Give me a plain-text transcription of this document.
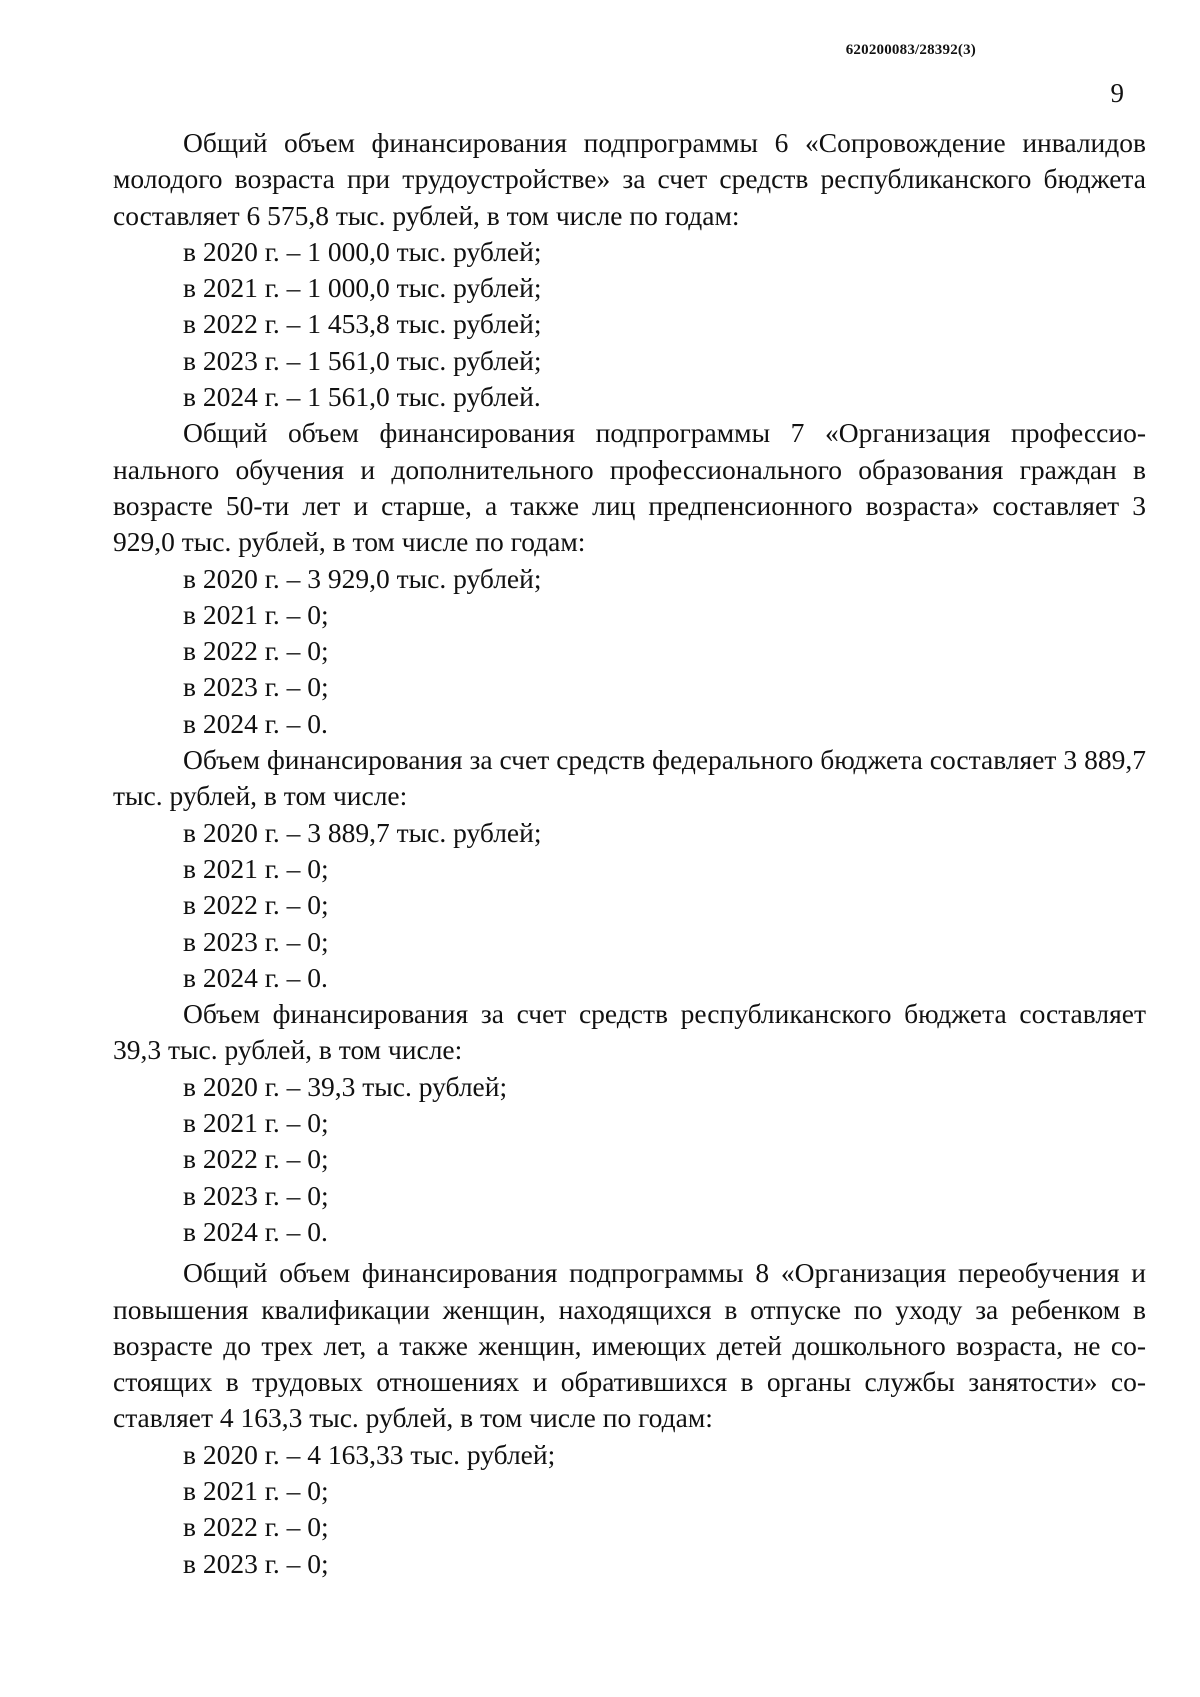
620200083/28392(3)
9

Общий объем финансирования подпрограммы 6 «Сопровождение инвалидов молодого возраста при трудоустройстве» за счет средств республиканского бюджета составляет 6 575,8 тыс. рублей, в том числе по годам:

в 2020 г. – 1 000,0 тыс. рублей;

в 2021 г. – 1 000,0 тыс. рублей;

в 2022 г. – 1 453,8 тыс. рублей;

в 2023 г. – 1 561,0 тыс. рублей;

в 2024 г. – 1 561,0 тыс. рублей.

Общий объем финансирования подпрограммы 7 «Организация профессионального обучения и дополнительного профессионального образования граждан в возрасте 50-ти лет и старше, а также лиц предпенсионного возраста» составляет 3 929,0 тыс. рублей, в том числе по годам:

в 2020 г. – 3 929,0 тыс. рублей;

в 2021 г. – 0;

в 2022 г. – 0;

в 2023 г. – 0;

в 2024 г. – 0.

Объем финансирования за счет средств федерального бюджета составляет 3 889,7 тыс. рублей, в том числе:

в 2020 г. – 3 889,7 тыс. рублей;

в 2021 г. – 0;

в 2022 г. – 0;

в 2023 г. – 0;

в 2024 г. – 0.

Объем финансирования за счет средств республиканского бюджета составляет 39,3 тыс. рублей, в том числе:

в 2020 г. – 39,3 тыс. рублей;

в 2021 г. – 0;

в 2022 г. – 0;

в 2023 г. – 0;

в 2024 г. – 0.

Общий объем финансирования подпрограммы 8 «Организация переобучения и повышения квалификации женщин, находящихся в отпуске по уходу за ребенком в возрасте до трех лет, а также женщин, имеющих детей дошкольного возраста, не состоящих в трудовых отношениях и обратившихся в органы службы занятости» составляет 4 163,3 тыс. рублей, в том числе по годам:

в 2020 г. – 4 163,33 тыс. рублей;

в 2021 г. – 0;

в 2022 г. – 0;

в 2023 г. – 0;
